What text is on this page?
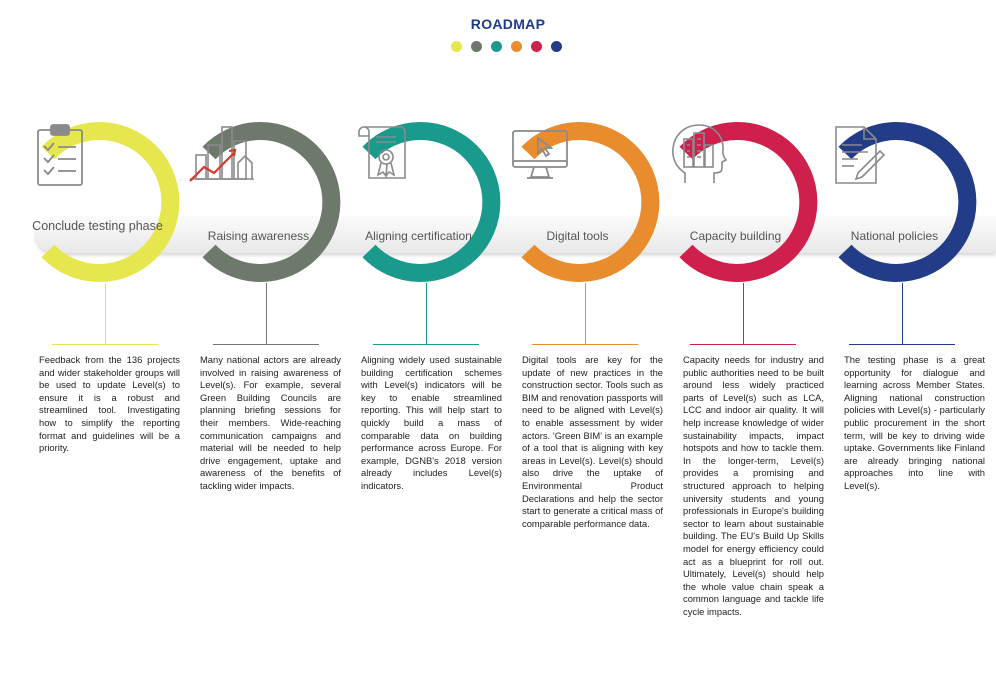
ROADMAP
Conclude testing phase
Raising awareness	Aligning certification	Digital tools	Capacity building	National policies
Feedback from the 136 projects and wider stakeholder groups will be used to update Level(s) to ensure it is a robust and streamlined tool. Investigating how to simplify the reporting format and guidelines will be a priority.
Many national actors are already involved in raising awareness of Level(s). For example, several Green Building Councils are planning briefing sessions for their members. Wide-reaching communication campaigns and material will be needed to help drive engagement, uptake and awareness of the benefits of tackling wider impacts.
Aligning widely used sustainable building certification schemes with Level(s) indicators will be key to enable streamlined reporting. This will help start to quickly build a mass of comparable data on building performance across Europe. For example, DGNB's 2018 version already includes Level(s) indicators.
Digital tools are key for the update of new practices in the construction sector. Tools such as BIM and renovation passports will need to be aligned with Level(s) to enable assessment by wider actors. 'Green BIM' is an example of a tool that is aligning with key areas in Level(s). Level(s) should also drive the uptake of Environmental Product Declarations and help the sector start to generate a critical mass of comparable performance data.
Capacity needs for industry and public authorities need to be built around less widely practiced parts of Level(s) such as LCA, LCC and indoor air quality. It will help increase knowledge of wider sustainability impacts, impact hotspots and how to tackle them. In the longer-term, Level(s) provides a promising and structured approach to helping university students and young professionals in Europe's building sector to learn about sustainable building. The EU's Build Up Skills model for energy efficiency could act as a blueprint for roll out. Ultimately, Level(s) should help the whole value chain speak a common language and tackle life cycle impacts.
The testing phase is a great opportunity for dialogue and learning across Member States. Aligning national construction policies with Level(s) - particularly public procurement in the short term, will be key to driving wide uptake. Governments like Finland are already bringing national approaches into line with Level(s).
